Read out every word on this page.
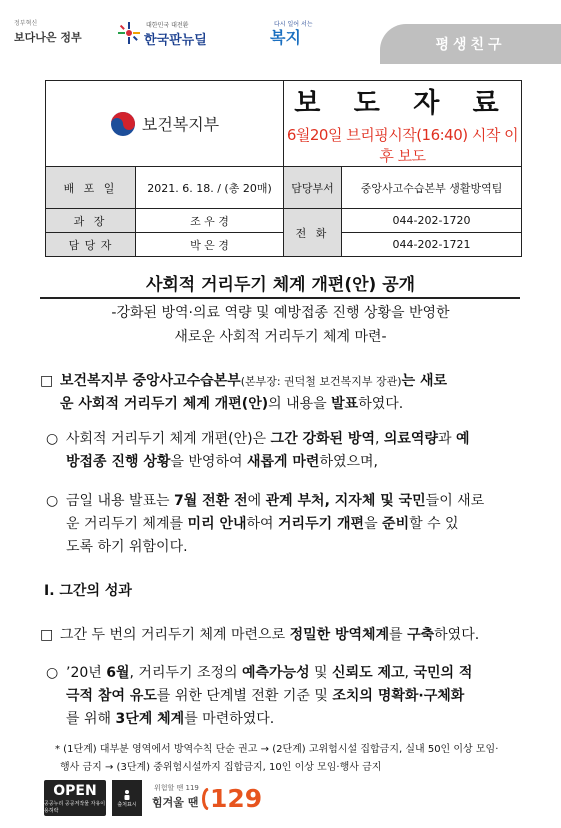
정부혁신
보다나은 정부
대한민국 대전환
한국판뉴딜
다시 일어 서는
복지	평생친구
보건복지부		보 도 자 료
6월20일 브리핑시작(16:40) 시작 이후 보도	

배 포 일	2021. 6. 18. / (총 20매)	담당부서	중앙사고수습본부 생활방역팀
과 장	조 우 경	전 화	044-202-1720
담 당 자	박 은 경		044-202-1721
사회적 거리두기 체계 개편(안) 공개
-강화된 방역·의료 역량 및 예방접종 진행 상황을 반영한
새로운 사회적 거리두기 체계 마련-
□ 보건복지부 중앙사고수습본부(본부장: 권덕철 보건복지부 장관)는 새로
운 사회적 거리두기 체계 개편(안)의 내용을 발표하였다.
○ 사회적 거리두기 체계 개편(안)은 그간 강화된 방역, 의료역량과 예
방접종 진행 상황을 반영하여 새롭게 마련하였으며,
○ 금일 내용 발표는 7월 전환 전에 관계 부처, 지자체 및 국민들이 새로
운 거리두기 체계를 미리 안내하여 거리두기 개편을 준비할 수 있
도록 하기 위함이다.
Ⅰ. 그간의 성과
□ 그간 두 번의 거리두기 체계 마련으로 정밀한 방역체계를 구축하였다.
○ ’20년 6월, 거리두기 조정의 예측가능성 및 신뢰도 제고, 국민의 적
극적 참여 유도를 위한 단계별 전환 기준 및 조치의 명확화·구체화
를 위해 3단계 체계를 마련하였다.
* (1단계) 대부분 영역에서 방역수칙 단순 권고 → (2단계) 고위험시설 집합금지, 실내 50인 이상 모임·
행사 금지 → (3단계) 중위험시설까지 집합금지, 10인 이상 모임·행사 금지
OPEN
공공누리 공공저작물 자유이용허락
출처표시
위험할 땐 119
힘겨울 땐 129
